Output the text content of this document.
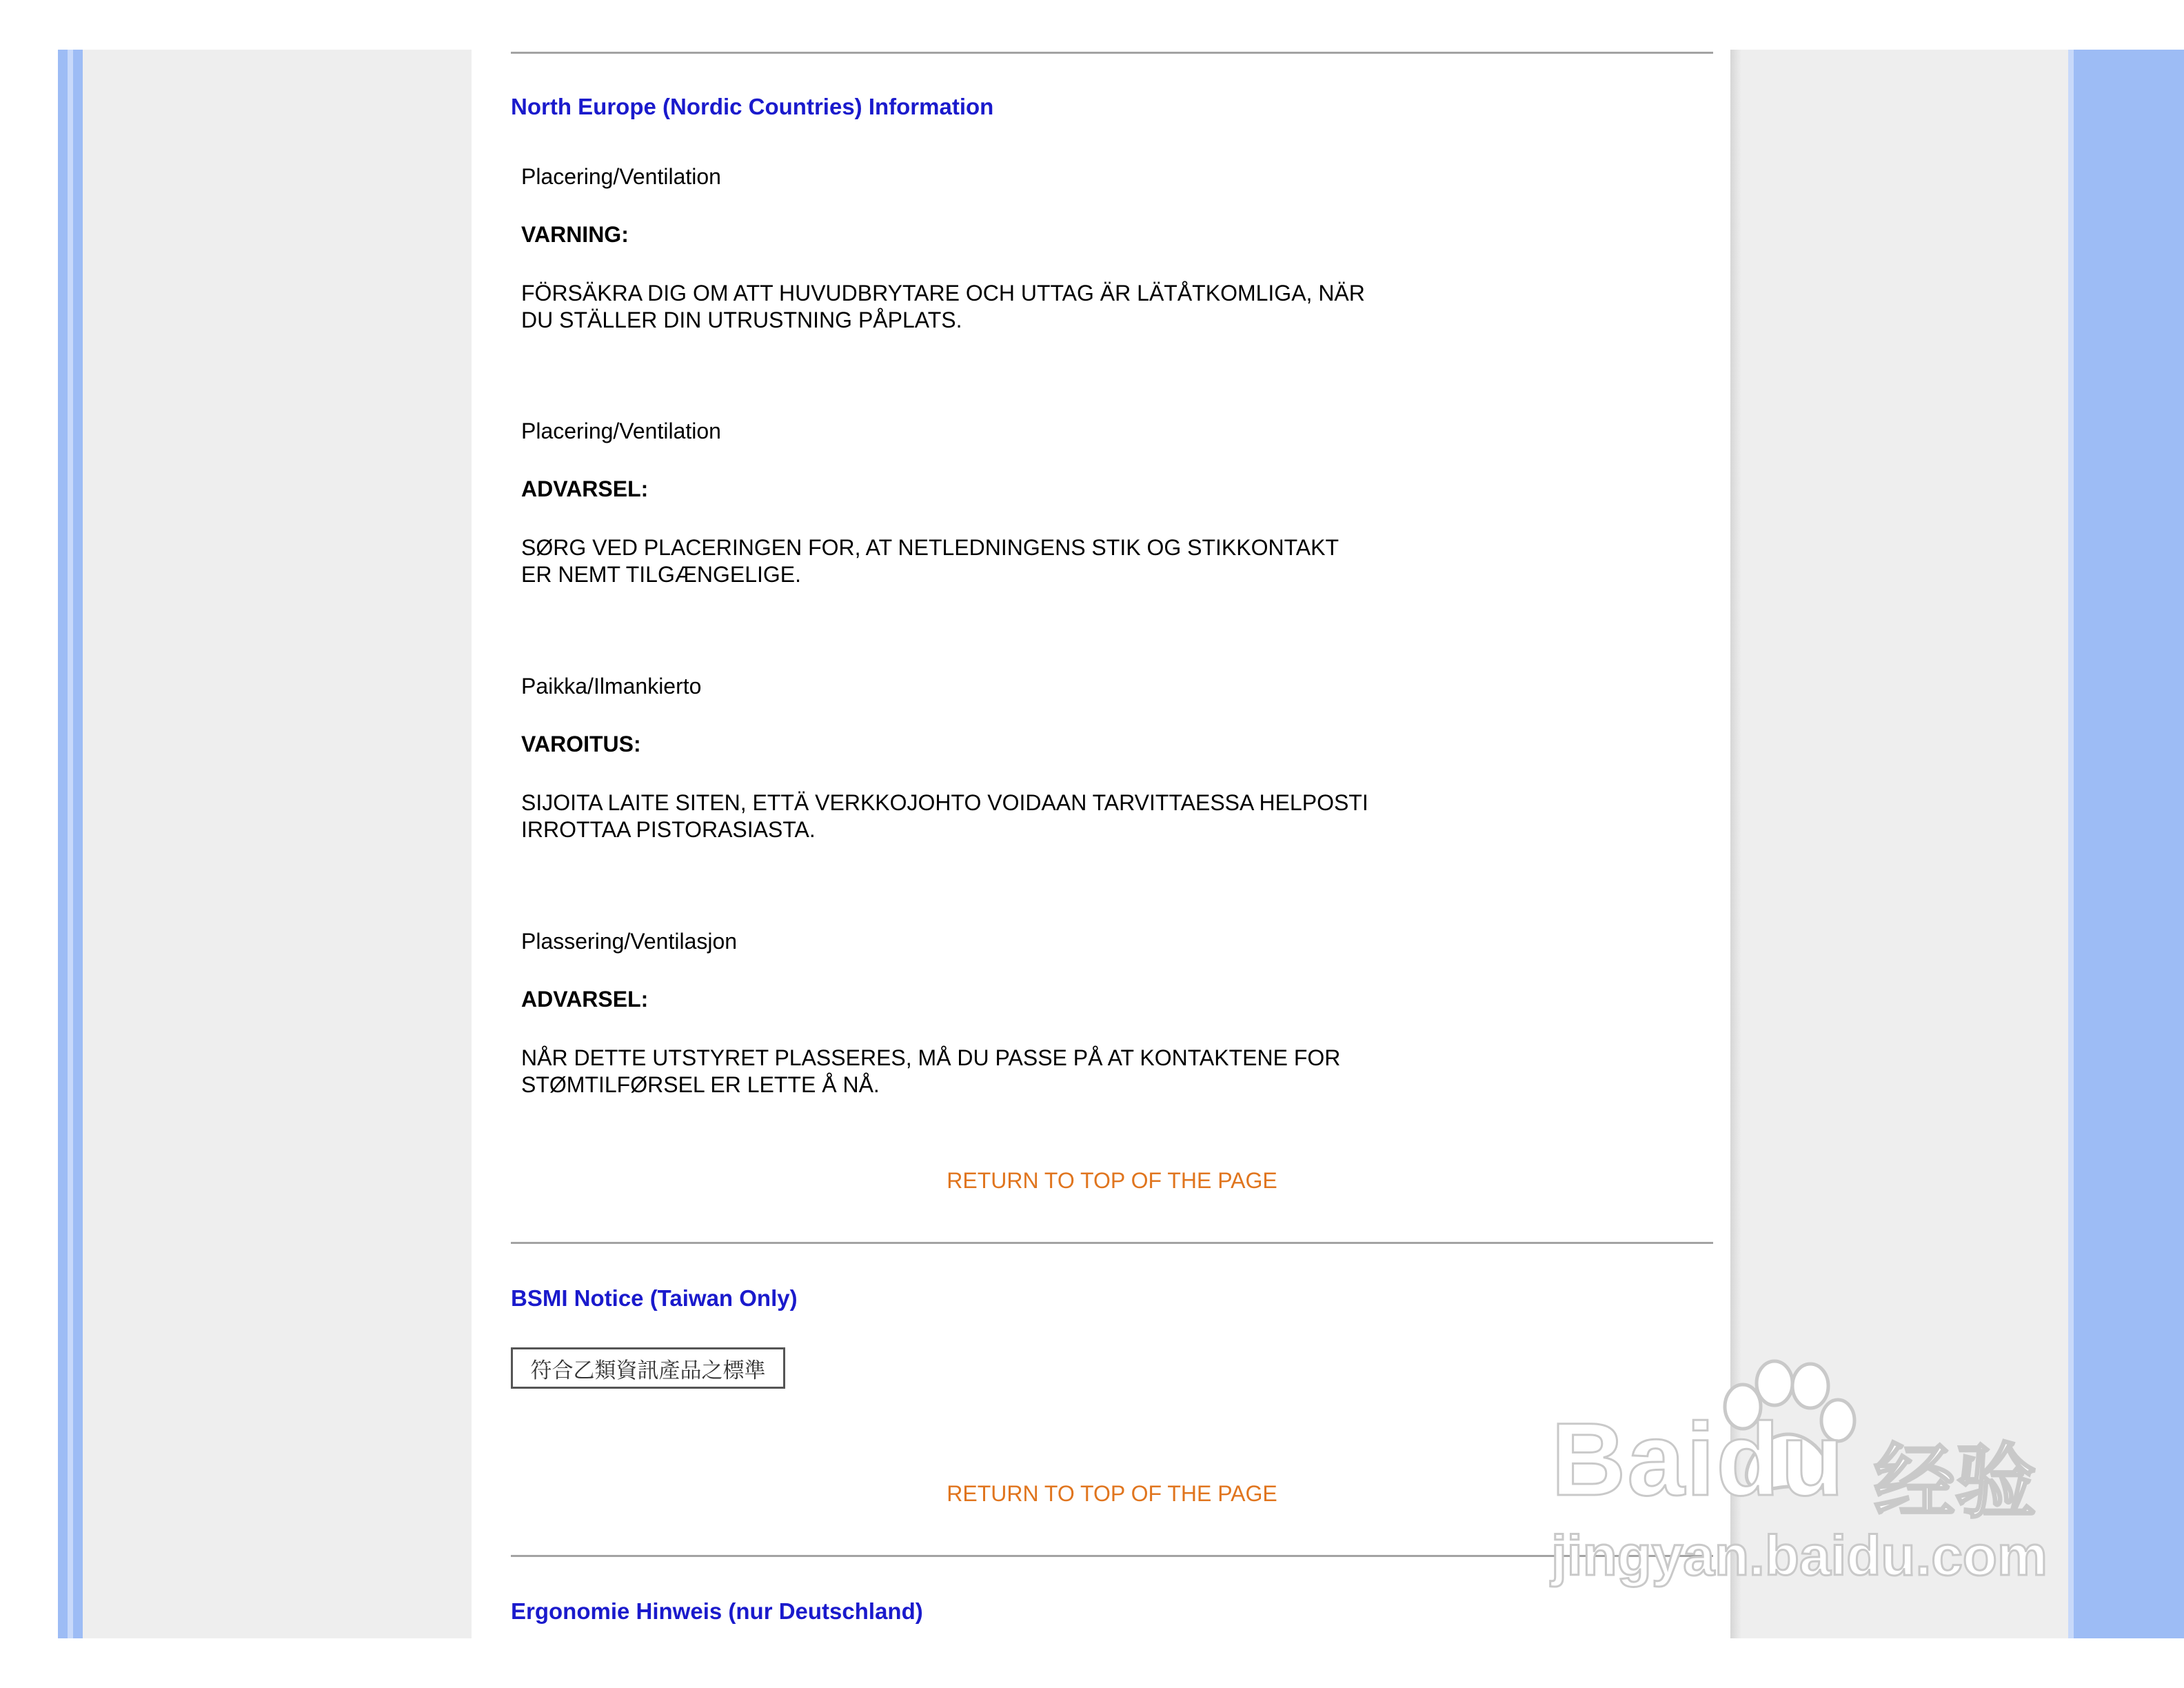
North Europe (Nordic Countries) Information

Placering/Ventilation

VARNING:

FÖRSÄKRA DIG OM ATT HUVUDBRYTARE OCH UTTAG ÄR LÄTÅTKOMLIGA, NÄR

DU STÄLLER DIN UTRUSTNING PÅPLATS.

Placering/Ventilation

ADVARSEL:

SØRG VED PLACERINGEN FOR, AT NETLEDNINGENS STIK OG STIKKONTAKT

ER NEMT TILGÆNGELIGE.

Paikka/Ilmankierto

VAROITUS:

SIJOITA LAITE SITEN, ETTÄ VERKKOJOHTO VOIDAAN TARVITTAESSA HELPOSTI

IRROTTAA PISTORASIASTA.

Plassering/Ventilasjon

ADVARSEL:

NÅR DETTE UTSTYRET PLASSERES, MÅ DU PASSE PÅ AT KONTAKTENE FOR

STØMTILFØRSEL ER LETTE Å NÅ.

RETURN TO TOP OF THE PAGE
BSMI Notice (Taiwan Only)
符合乙類資訊產品之標準
RETURN TO TOP OF THE PAGE
Ergonomie Hinweis (nur Deutschland)
Baidu 经验
jingyan.baidu.com
